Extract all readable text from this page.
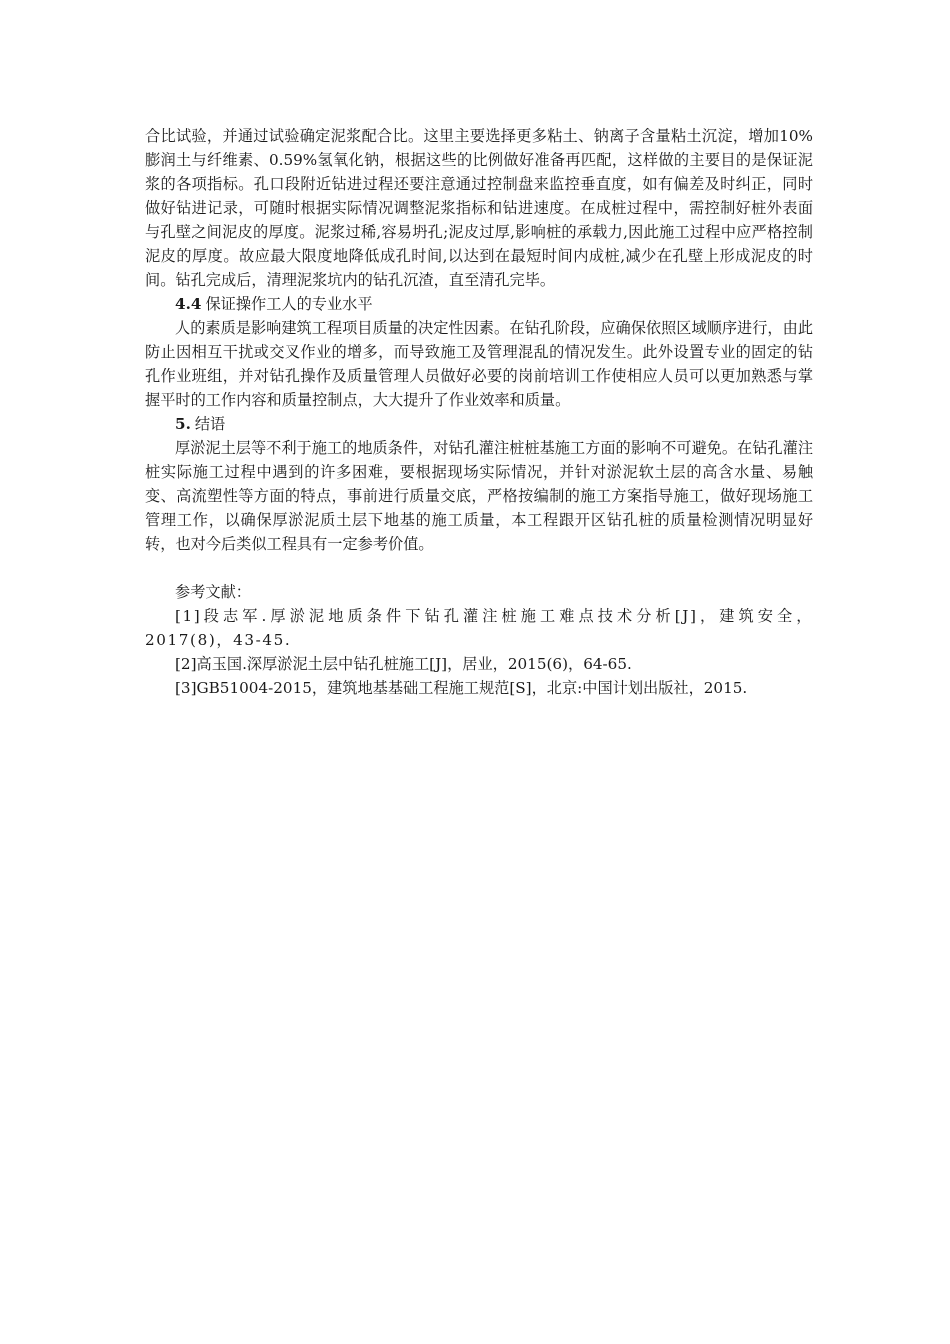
合比试验，并通过试验确定泥浆配合比。这里主要选择更多粘土、钠离子含量粘土沉淀，增加10%膨润土与纤维素、0.59%氢氧化钠，根据这些的比例做好准备再匹配，这样做的主要目的是保证泥浆的各项指标。孔口段附近钻进过程还要注意通过控制盘来监控垂直度，如有偏差及时纠正，同时做好钻进记录，可随时根据实际情况调整泥浆指标和钻进速度。在成桩过程中，需控制好桩外表面与孔壁之间泥皮的厚度。泥浆过稀,容易坍孔;泥皮过厚,影响桩的承载力,因此施工过程中应严格控制泥皮的厚度。故应最大限度地降低成孔时间,以达到在最短时间内成桩,减少在孔壁上形成泥皮的时间。钻孔完成后，清理泥浆坑内的钻孔沉渣，直至清孔完毕。

4.4 保证操作工人的专业水平

人的素质是影响建筑工程项目质量的决定性因素。在钻孔阶段，应确保依照区域顺序进行，由此防止因相互干扰或交叉作业的增多，而导致施工及管理混乱的情况发生。此外设置专业的固定的钻孔作业班组，并对钻孔操作及质量管理人员做好必要的岗前培训工作使相应人员可以更加熟悉与掌握平时的工作内容和质量控制点，大大提升了作业效率和质量。

5. 结语

厚淤泥土层等不利于施工的地质条件，对钻孔灌注桩桩基施工方面的影响不可避免。在钻孔灌注桩实际施工过程中遇到的许多困难，要根据现场实际情况，并针对淤泥软土层的高含水量、易触变、高流塑性等方面的特点，事前进行质量交底，严格按编制的施工方案指导施工，做好现场施工管理工作，以确保厚淤泥质土层下地基的施工质量，本工程跟开区钻孔桩的质量检测情况明显好转，也对今后类似工程具有一定参考价值。

参考文献：

[1]段志军.厚淤泥地质条件下钻孔灌注桩施工难点技术分析[J]，建筑安全，2017(8)，43-45.

[2]高玉国.深厚淤泥土层中钻孔桩施工[J]，居业，2015(6)，64-65.

[3]GB51004-2015，建筑地基基础工程施工规范[S]，北京:中国计划出版社，2015.
